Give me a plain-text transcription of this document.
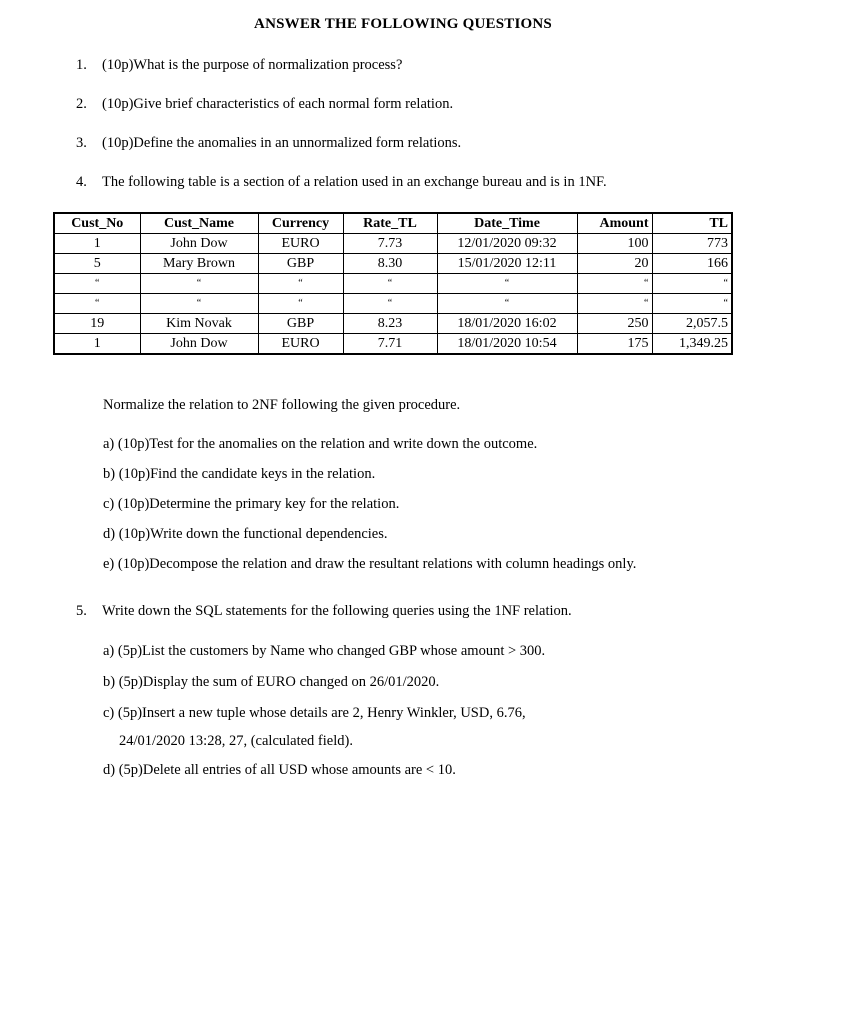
ANSWER THE FOLLOWING QUESTIONS
1. (10p)What is the purpose of normalization process?
2. (10p)Give brief characteristics of each normal form relation.
3. (10p)Define the anomalies in an unnormalized form relations.
4. The following table is a section of a relation used in an exchange bureau and is in 1NF.
Cust_No	Cust_Name	Currency	Rate_TL	Date_Time	Amount	TL
1	John Dow	EURO	7.73	12/01/2020 09:32	100	773
5	Mary Brown	GBP	8.30	15/01/2020 12:11	20	166
“	“	“	“	“	“	“
“	“	“	“	“	“	“
19	Kim Novak	GBP	8.23	18/01/2020 16:02	250	2,057.5
1	John Dow	EURO	7.71	18/01/2020 10:54	175	1,349.25
Normalize the relation to 2NF following the given procedure.
a) (10p)Test for the anomalies on the relation and write down the outcome.
b) (10p)Find the candidate keys in the relation.
c) (10p)Determine the primary key for the relation.
d) (10p)Write down the functional dependencies.
e) (10p)Decompose the relation and draw the resultant relations with column headings only.
5. Write down the SQL statements for the following queries using the 1NF relation.
a) (5p)List the customers by Name who changed GBP whose amount > 300.
b) (5p)Display the sum of EURO changed on 26/01/2020.
c) (5p)Insert a new tuple whose details are 2, Henry Winkler, USD, 6.76,
24/01/2020 13:28, 27, (calculated field).
d) (5p)Delete all entries of all USD whose amounts are < 10.
